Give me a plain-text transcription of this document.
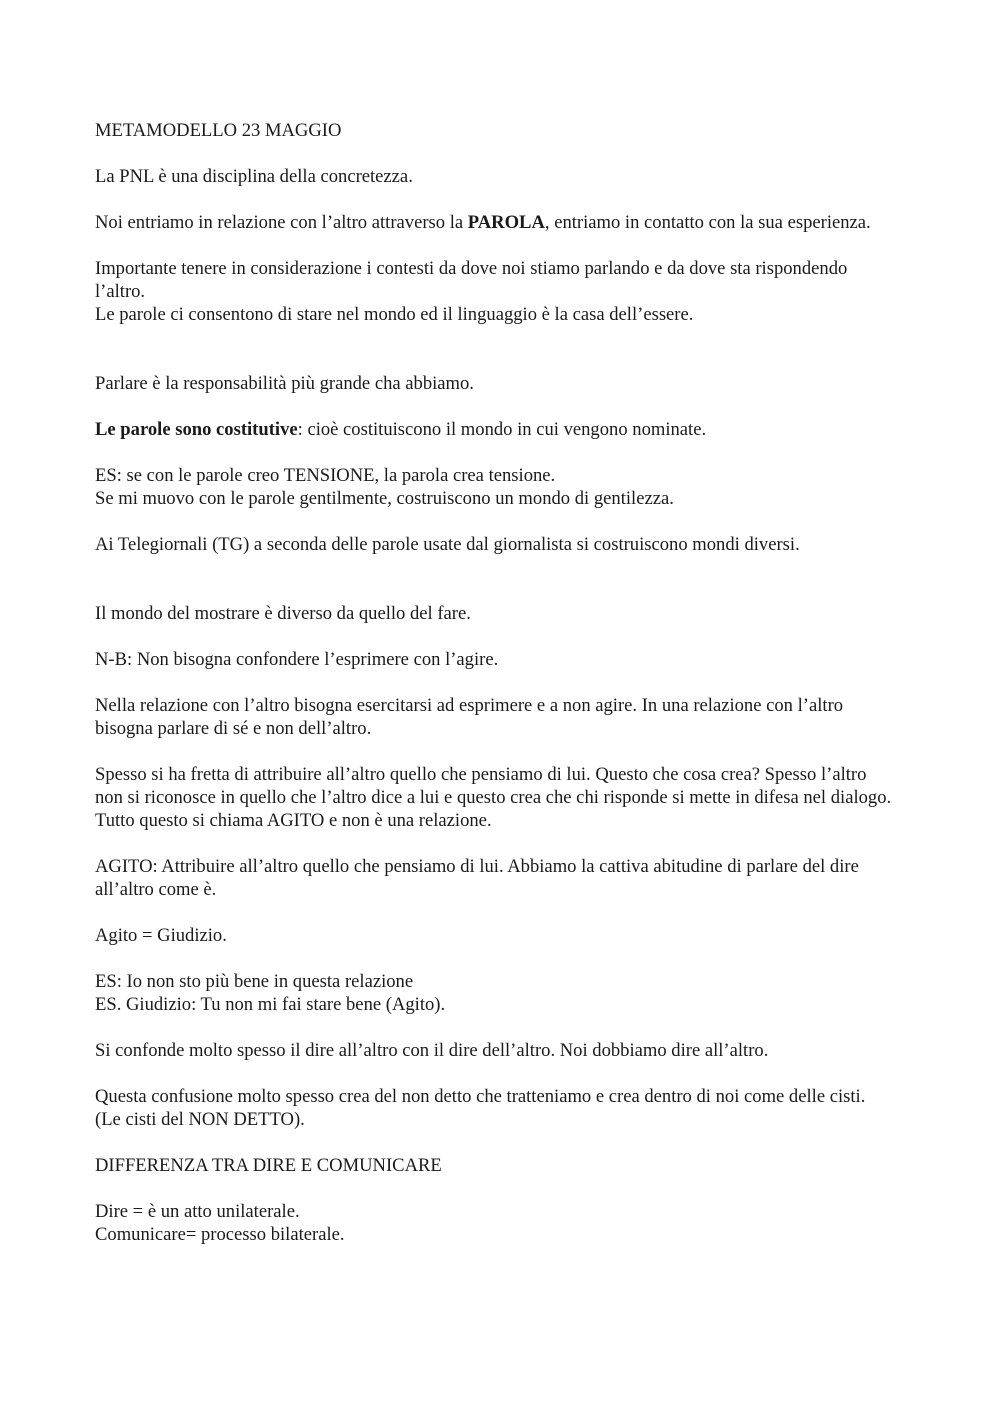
METAMODELLO 23 MAGGIO

La PNL è una disciplina della concretezza.

Noi entriamo in relazione con l’altro attraverso la PAROLA, entriamo in contatto con la sua esperienza.

Importante tenere in considerazione i contesti da dove noi stiamo parlando e da dove sta rispondendo l’altro.
Le parole ci consentono di stare nel mondo ed il linguaggio è la casa dell’essere.

Parlare è la responsabilità più grande cha abbiamo.

Le parole sono costitutive: cioè costituiscono il mondo in cui vengono nominate.

ES: se con le parole creo TENSIONE, la parola crea tensione.
Se mi muovo con le parole gentilmente, costruiscono un mondo di gentilezza.

Ai Telegiornali (TG) a seconda delle parole usate dal giornalista si costruiscono mondi diversi.

Il mondo del mostrare è diverso da quello del fare.

N-B: Non bisogna confondere l’esprimere con l’agire.

Nella relazione con l’altro bisogna esercitarsi ad esprimere e a non agire. In una relazione con l’altro bisogna parlare di sé e non dell’altro.

Spesso si ha fretta di attribuire all’altro quello che pensiamo di lui. Questo che cosa crea? Spesso l’altro non si riconosce in quello che l’altro dice a lui e questo crea che chi risponde si mette in difesa nel dialogo. Tutto questo si chiama AGITO e non è una relazione.

AGITO: Attribuire all’altro quello che pensiamo di lui. Abbiamo la cattiva abitudine di parlare del dire all’altro come è.

Agito = Giudizio.

ES: Io non sto più bene in questa relazione
ES. Giudizio: Tu non mi fai stare bene (Agito).

Si confonde molto spesso il dire all’altro con il dire dell’altro. Noi dobbiamo dire all’altro.

Questa confusione molto spesso crea del non detto che tratteniamo e crea dentro di noi come delle cisti. (Le cisti del NON DETTO).

DIFFERENZA TRA DIRE E COMUNICARE

Dire = è un atto unilaterale.
Comunicare= processo bilaterale.
